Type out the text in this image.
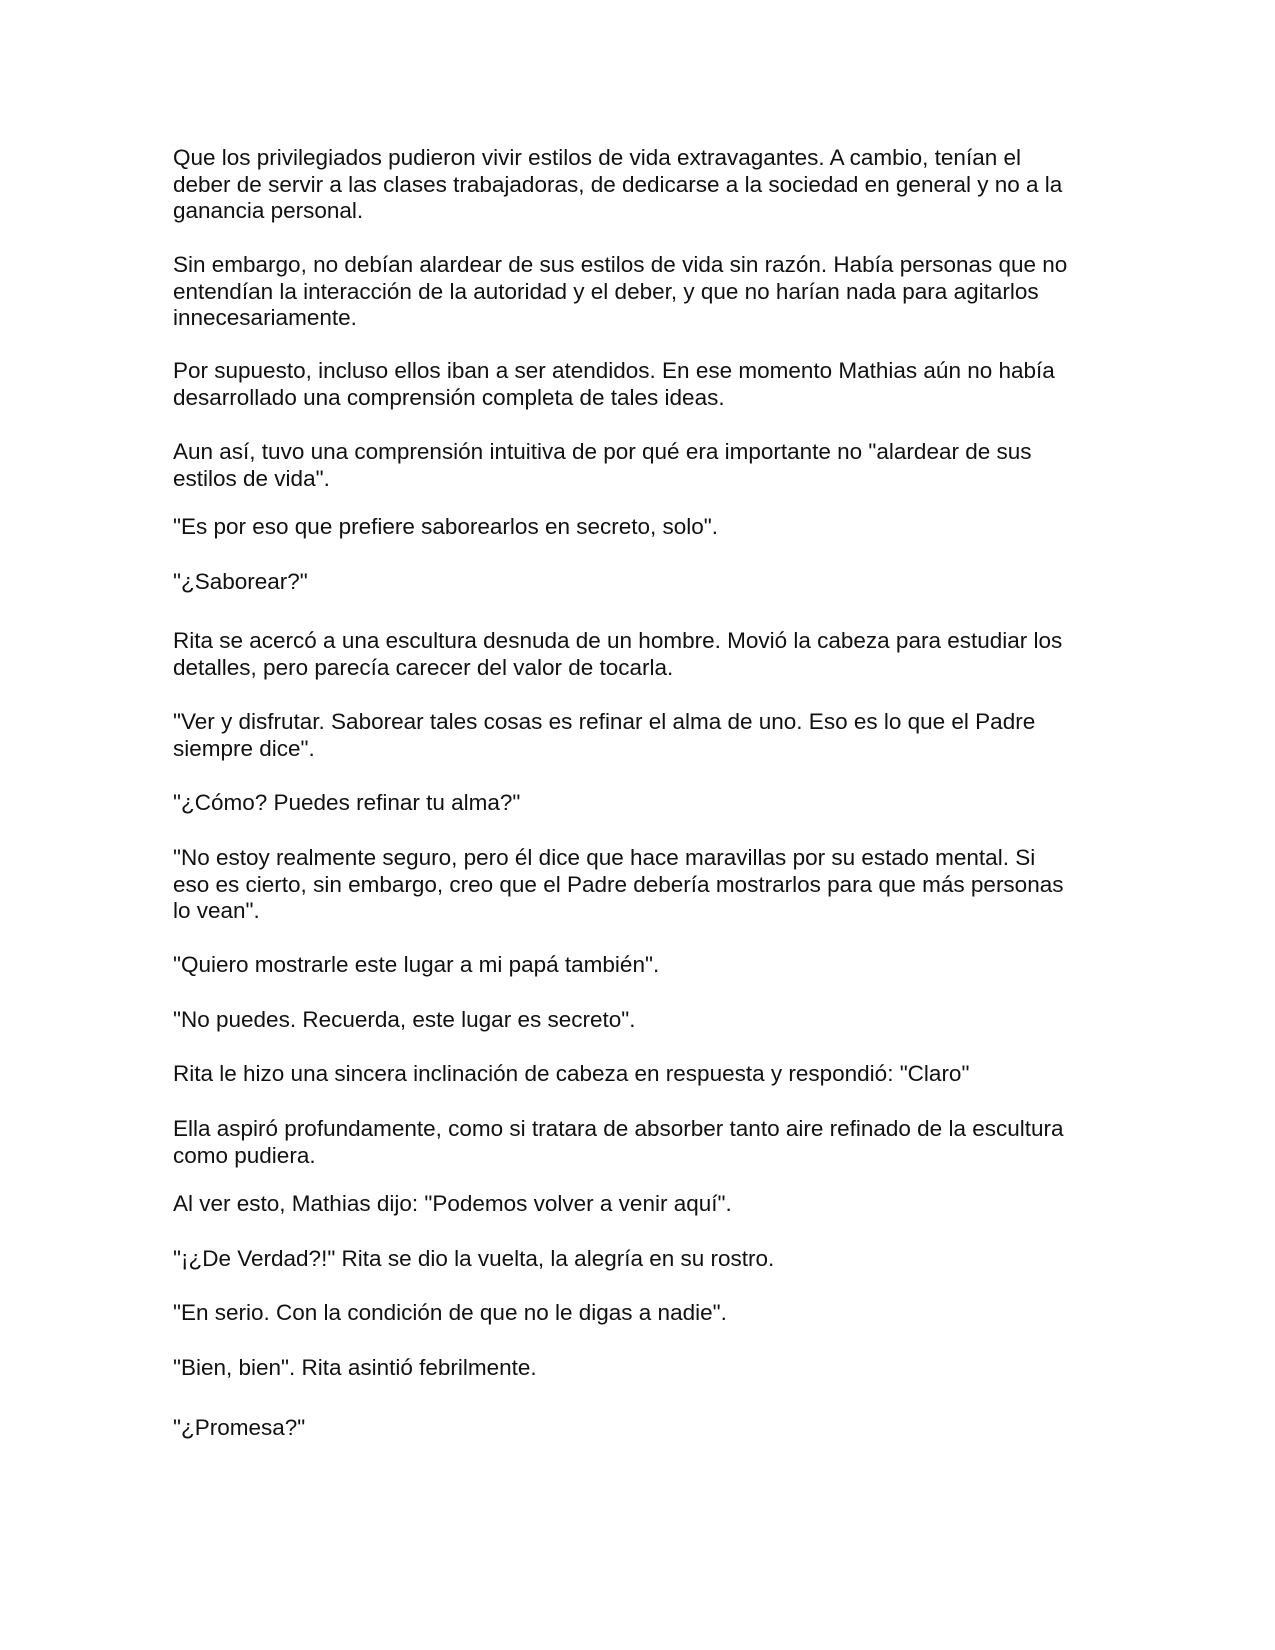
Que los privilegiados pudieron vivir estilos de vida extravagantes. A cambio, tenían el
deber de servir a las clases trabajadoras, de dedicarse a la sociedad en general y no a la
ganancia personal.

Sin embargo, no debían alardear de sus estilos de vida sin razón. Había personas que no
entendían la interacción de la autoridad y el deber, y que no harían nada para agitarlos
innecesariamente.

Por supuesto, incluso ellos iban a ser atendidos. En ese momento Mathias aún no había
desarrollado una comprensión completa de tales ideas.

Aun así, tuvo una comprensión intuitiva de por qué era importante no "alardear de sus
estilos de vida".

"Es por eso que prefiere saborearlos en secreto, solo".

"¿Saborear?"

Rita se acercó a una escultura desnuda de un hombre. Movió la cabeza para estudiar los
detalles, pero parecía carecer del valor de tocarla.

"Ver y disfrutar. Saborear tales cosas es refinar el alma de uno. Eso es lo que el Padre
siempre dice".

"¿Cómo? Puedes refinar tu alma?"

"No estoy realmente seguro, pero él dice que hace maravillas por su estado mental. Si
eso es cierto, sin embargo, creo que el Padre debería mostrarlos para que más personas
lo vean".

"Quiero mostrarle este lugar a mi papá también".

"No puedes. Recuerda, este lugar es secreto".

Rita le hizo una sincera inclinación de cabeza en respuesta y respondió: "Claro"

Ella aspiró profundamente, como si tratara de absorber tanto aire refinado de la escultura
como pudiera.

Al ver esto, Mathias dijo: "Podemos volver a venir aquí".

"¡¿De Verdad?!" Rita se dio la vuelta, la alegría en su rostro.

"En serio. Con la condición de que no le digas a nadie".

"Bien, bien". Rita asintió febrilmente.

"¿Promesa?"
